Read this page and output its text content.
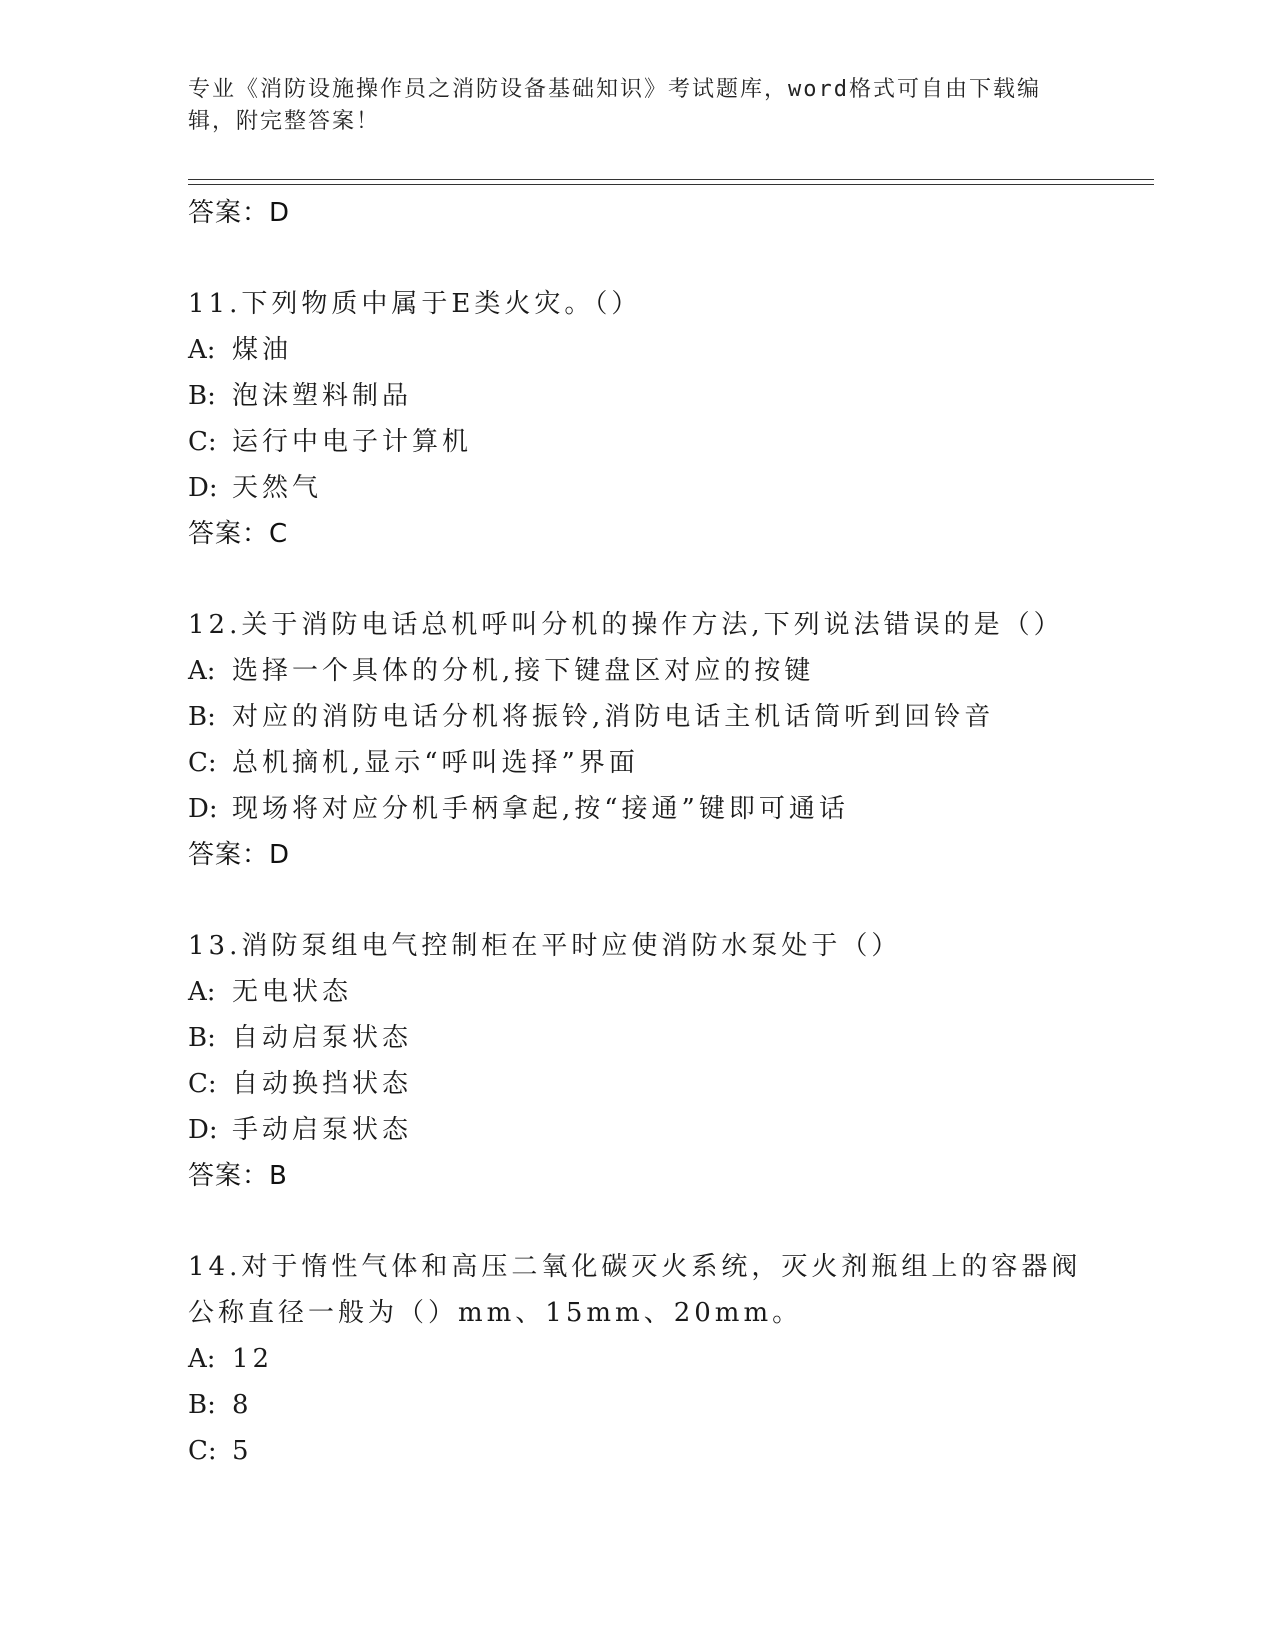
专业《消防设施操作员之消防设备基础知识》考试题库，word格式可自由下载编辑，附完整答案！
答案：D
11.下列物质中属于E类火灾。（）
A: 煤油
B: 泡沫塑料制品
C: 运行中电子计算机
D: 天然气
答案：C
12.关于消防电话总机呼叫分机的操作方法,下列说法错误的是（）
A: 选择一个具体的分机,接下键盘区对应的按键
B: 对应的消防电话分机将振铃,消防电话主机话筒听到回铃音
C: 总机摘机,显示“呼叫选择”界面
D: 现场将对应分机手柄拿起,按“接通”键即可通话
答案：D
13.消防泵组电气控制柜在平时应使消防水泵处于（）
A: 无电状态
B: 自动启泵状态
C: 自动换挡状态
D: 手动启泵状态
答案：B
14.对于惰性气体和高压二氧化碳灭火系统，灭火剂瓶组上的容器阀公称直径一般为（）mm、15mm、20mm。
A: 12
B: 8
C: 5
